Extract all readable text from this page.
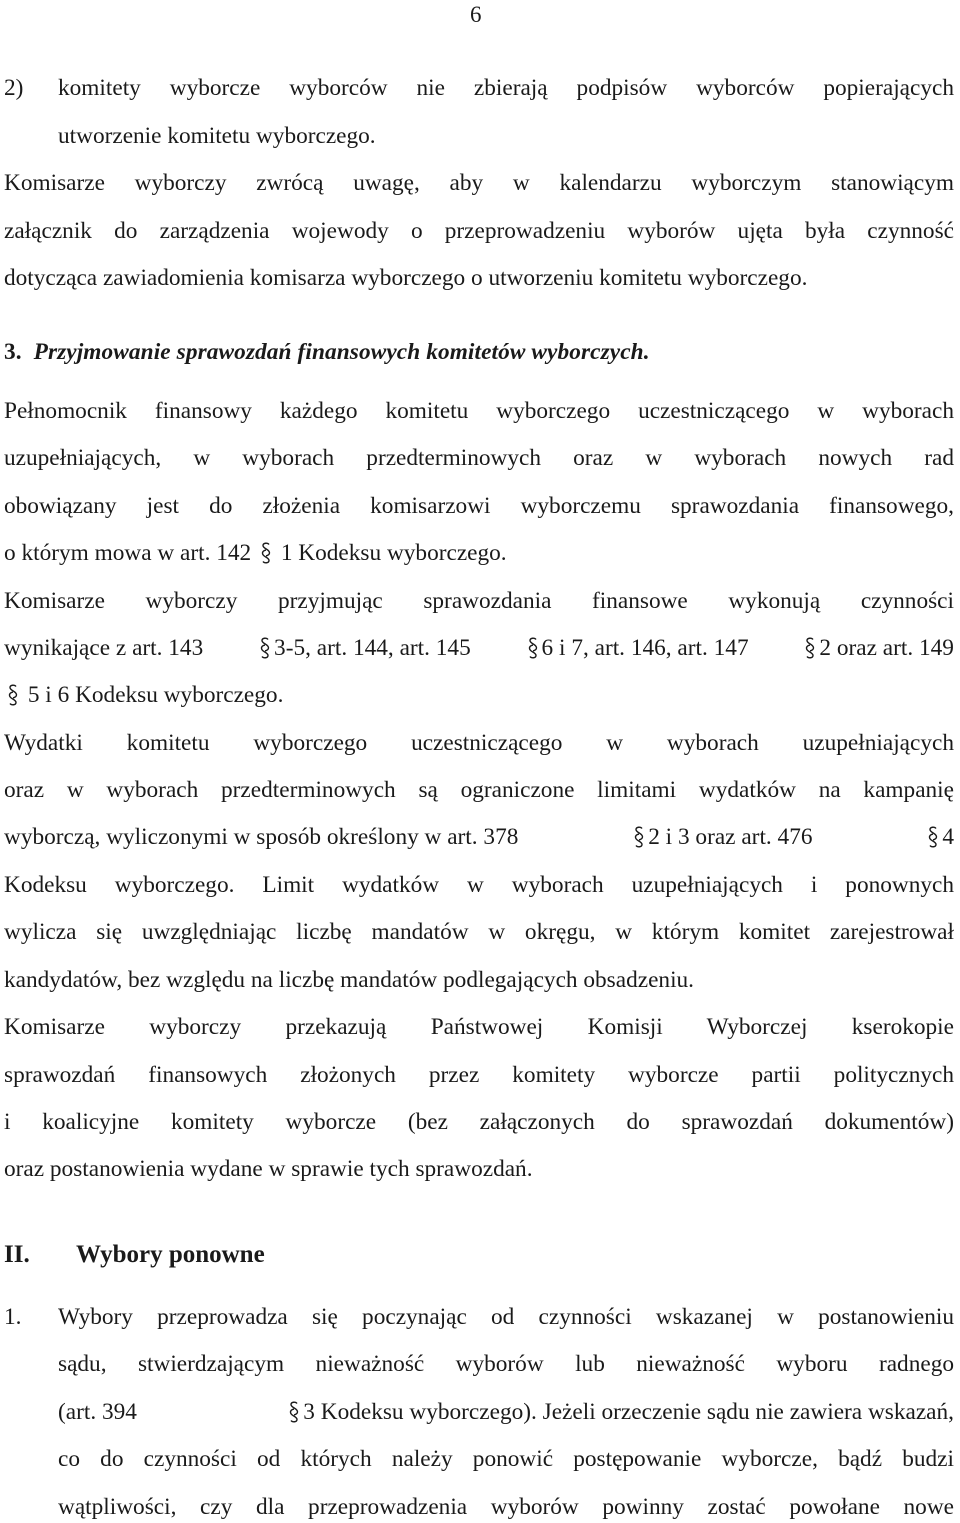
6
2) komitety wyborcze wyborców nie zbierają podpisów wyborców popierających
utworzenie komitetu wyborczego.
Komisarze wyborczy zwrócą uwagę, aby w kalendarzu wyborczym stanowiącym
załącznik do zarządzenia wojewody o przeprowadzeniu wyborów ujęta była czynność
dotycząca zawiadomienia komisarza wyborczego o utworzeniu komitetu wyborczego.
3. Przyjmowanie sprawozdań finansowych komitetów wyborczych.
Pełnomocnik finansowy każdego komitetu wyborczego uczestniczącego w wyborach
uzupełniających, w wyborach przedterminowych oraz w wyborach nowych rad
obowiązany jest do złożenia komisarzowi wyborczemu sprawozdania finansowego,
o którym mowa w art. 142 1 Kodeksu wyborczego.
Komisarze wyborczy przyjmując sprawozdania finansowe wykonują czynności
wynikające z art. 143	3-5, art. 144, art. 145	6 i 7, art. 146, art. 147	2 oraz art. 149
5 i 6 Kodeksu wyborczego.
Wydatki komitetu wyborczego uczestniczącego w wyborach uzupełniających
oraz w wyborach przedterminowych są ograniczone limitami wydatków na kampanię
wyborczą, wyliczonymi w sposób określony w art. 378	2 i 3 oraz art. 476	4
Kodeksu wyborczego. Limit wydatków w wyborach uzupełniających i ponownych
wylicza się uwzględniając liczbę mandatów w okręgu, w którym komitet zarejestrował
kandydatów, bez względu na liczbę mandatów podlegających obsadzeniu.
Komisarze wyborczy przekazują Państwowej Komisji Wyborczej kserokopie
sprawozdań finansowych złożonych przez komitety wyborcze partii politycznych
i koalicyjne komitety wyborcze (bez załączonych do sprawozdań dokumentów)
oraz postanowienia wydane w sprawie tych sprawozdań.
II. Wybory ponowne
1. Wybory przeprowadza się poczynając od czynności wskazanej w postanowieniu
sądu, stwierdzającym nieważność wyborów lub nieważność wyboru radnego
(art. 394	3 Kodeksu wyborczego). Jeżeli orzeczenie sądu nie zawiera wskazań,
co do czynności od których należy ponowić postępowanie wyborcze, bądź budzi
wątpliwości, czy dla przeprowadzenia wyborów powinny zostać powołane nowe
